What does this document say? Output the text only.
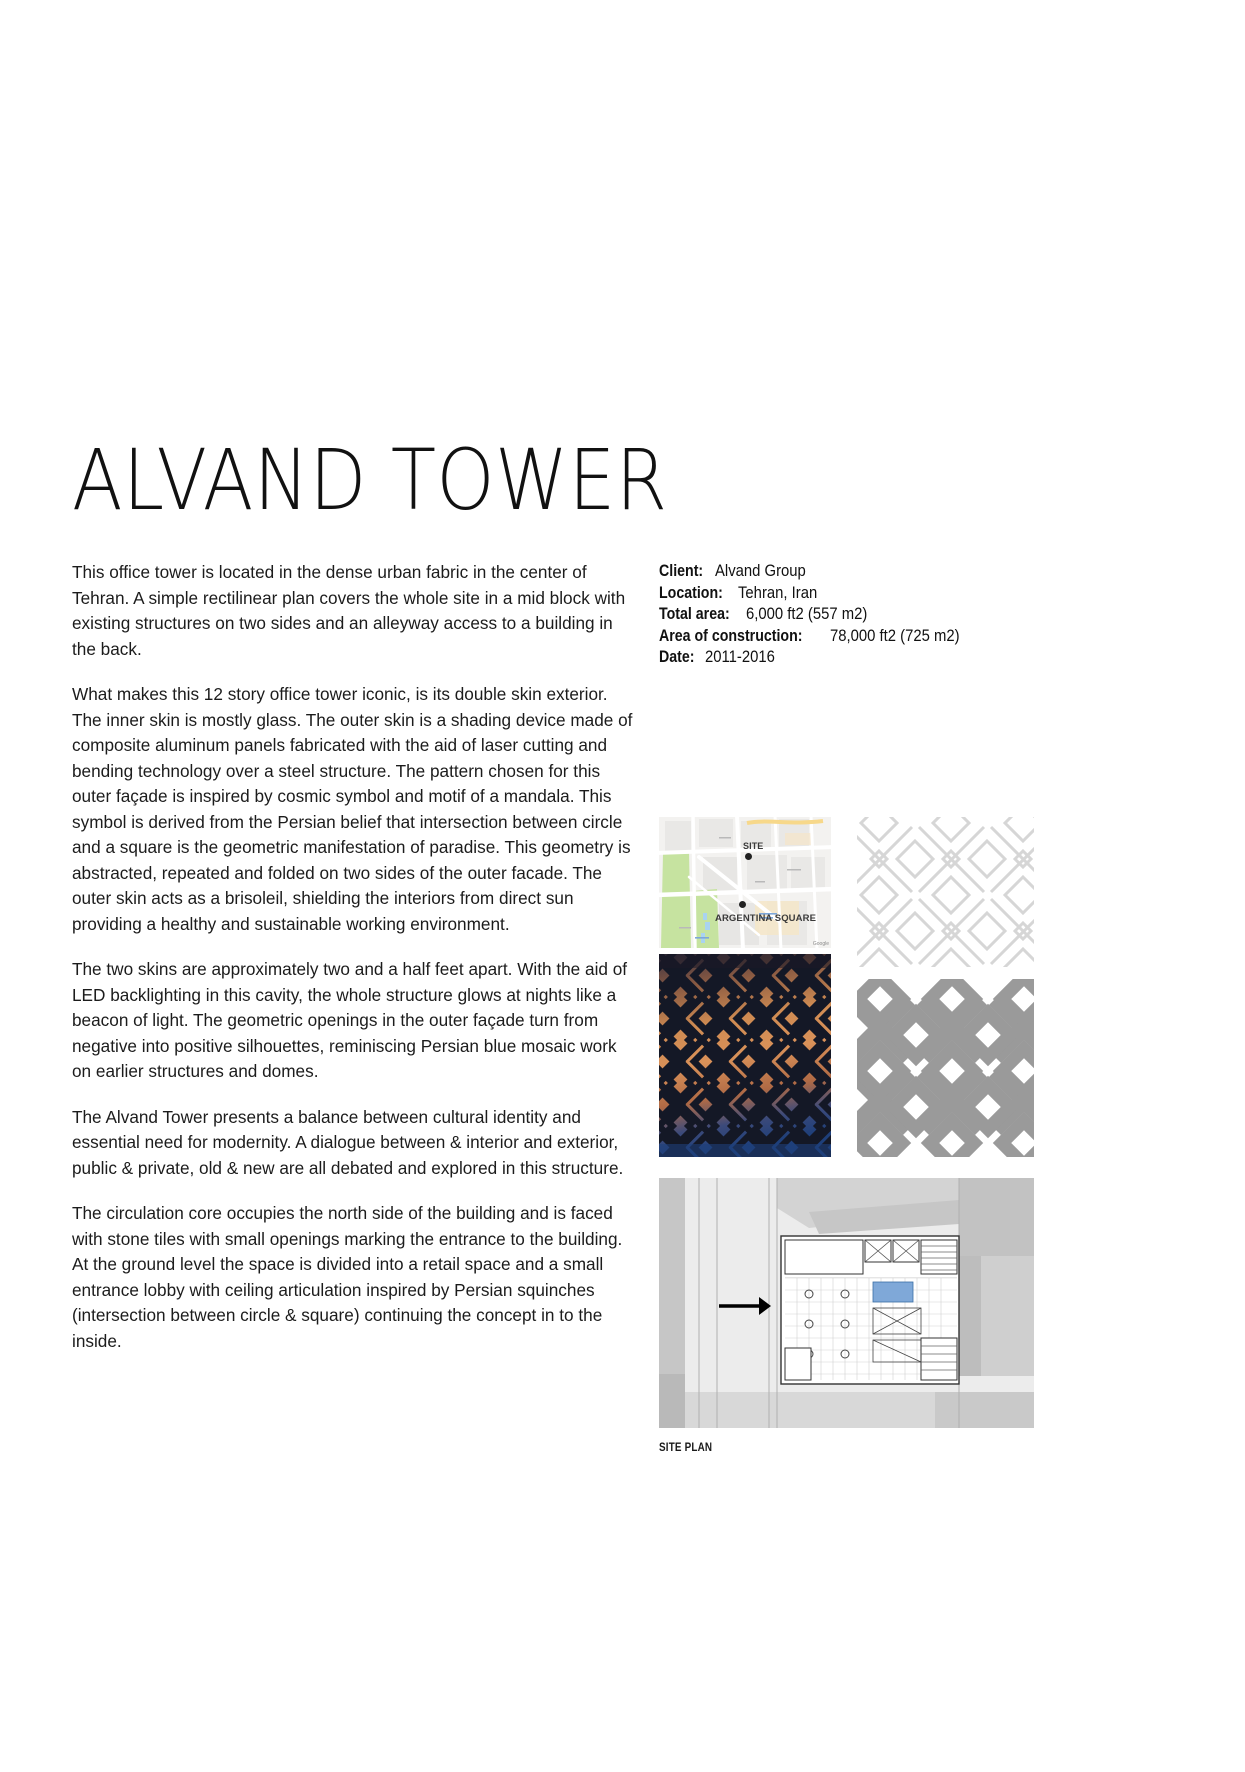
ALVAND TOWER

This office tower is located in the dense urban fabric in the center of Tehran. A simple rectilinear plan covers the whole site in a mid block with existing structures on two sides and an alleyway access to a building in the back.

What makes this 12 story office tower iconic, is its double skin exterior. The inner skin is mostly glass. The outer skin is a shading device made of composite aluminum panels fabricated with the aid of laser cutting and bending technology over a steel structure. The pattern chosen for this outer façade is inspired by cosmic symbol and motif of a mandala. This symbol is derived from the Persian belief that intersection between circle and a square is the geometric manifestation of paradise. This geometry is abstracted, repeated and folded on two sides of the outer facade. The outer skin acts as a brisoleil, shielding the interiors from direct sun providing a healthy and sustainable working environment.

The two skins are approximately two and a half feet apart. With the aid of LED backlighting in this cavity, the whole structure glows at nights like a beacon of light. The geometric openings in the outer façade turn from negative into positive silhouettes, reminiscing Persian blue mosaic work on earlier structures and domes.

The Alvand Tower presents a balance between cultural identity and essential need for modernity. A dialogue between & interior and exterior, public & private, old & new are all debated and explored in this structure.

The circulation core occupies the north side of the building and is faced with stone tiles with small openings marking the entrance to the building. At the ground level the space is divided into a retail space and a small entrance lobby with ceiling articulation inspired by Persian squinches (intersection between circle & square) continuing the concept in to the inside.

Client: Alvand Group
Location: Tehran, Iran
Total area: 6,000 ft2 (557 m2)
Area of construction: 78,000 ft2 (725 m2)
Date: 2011-2016
SITE
ARGENTINA SQUARE
Google
SITE PLAN
